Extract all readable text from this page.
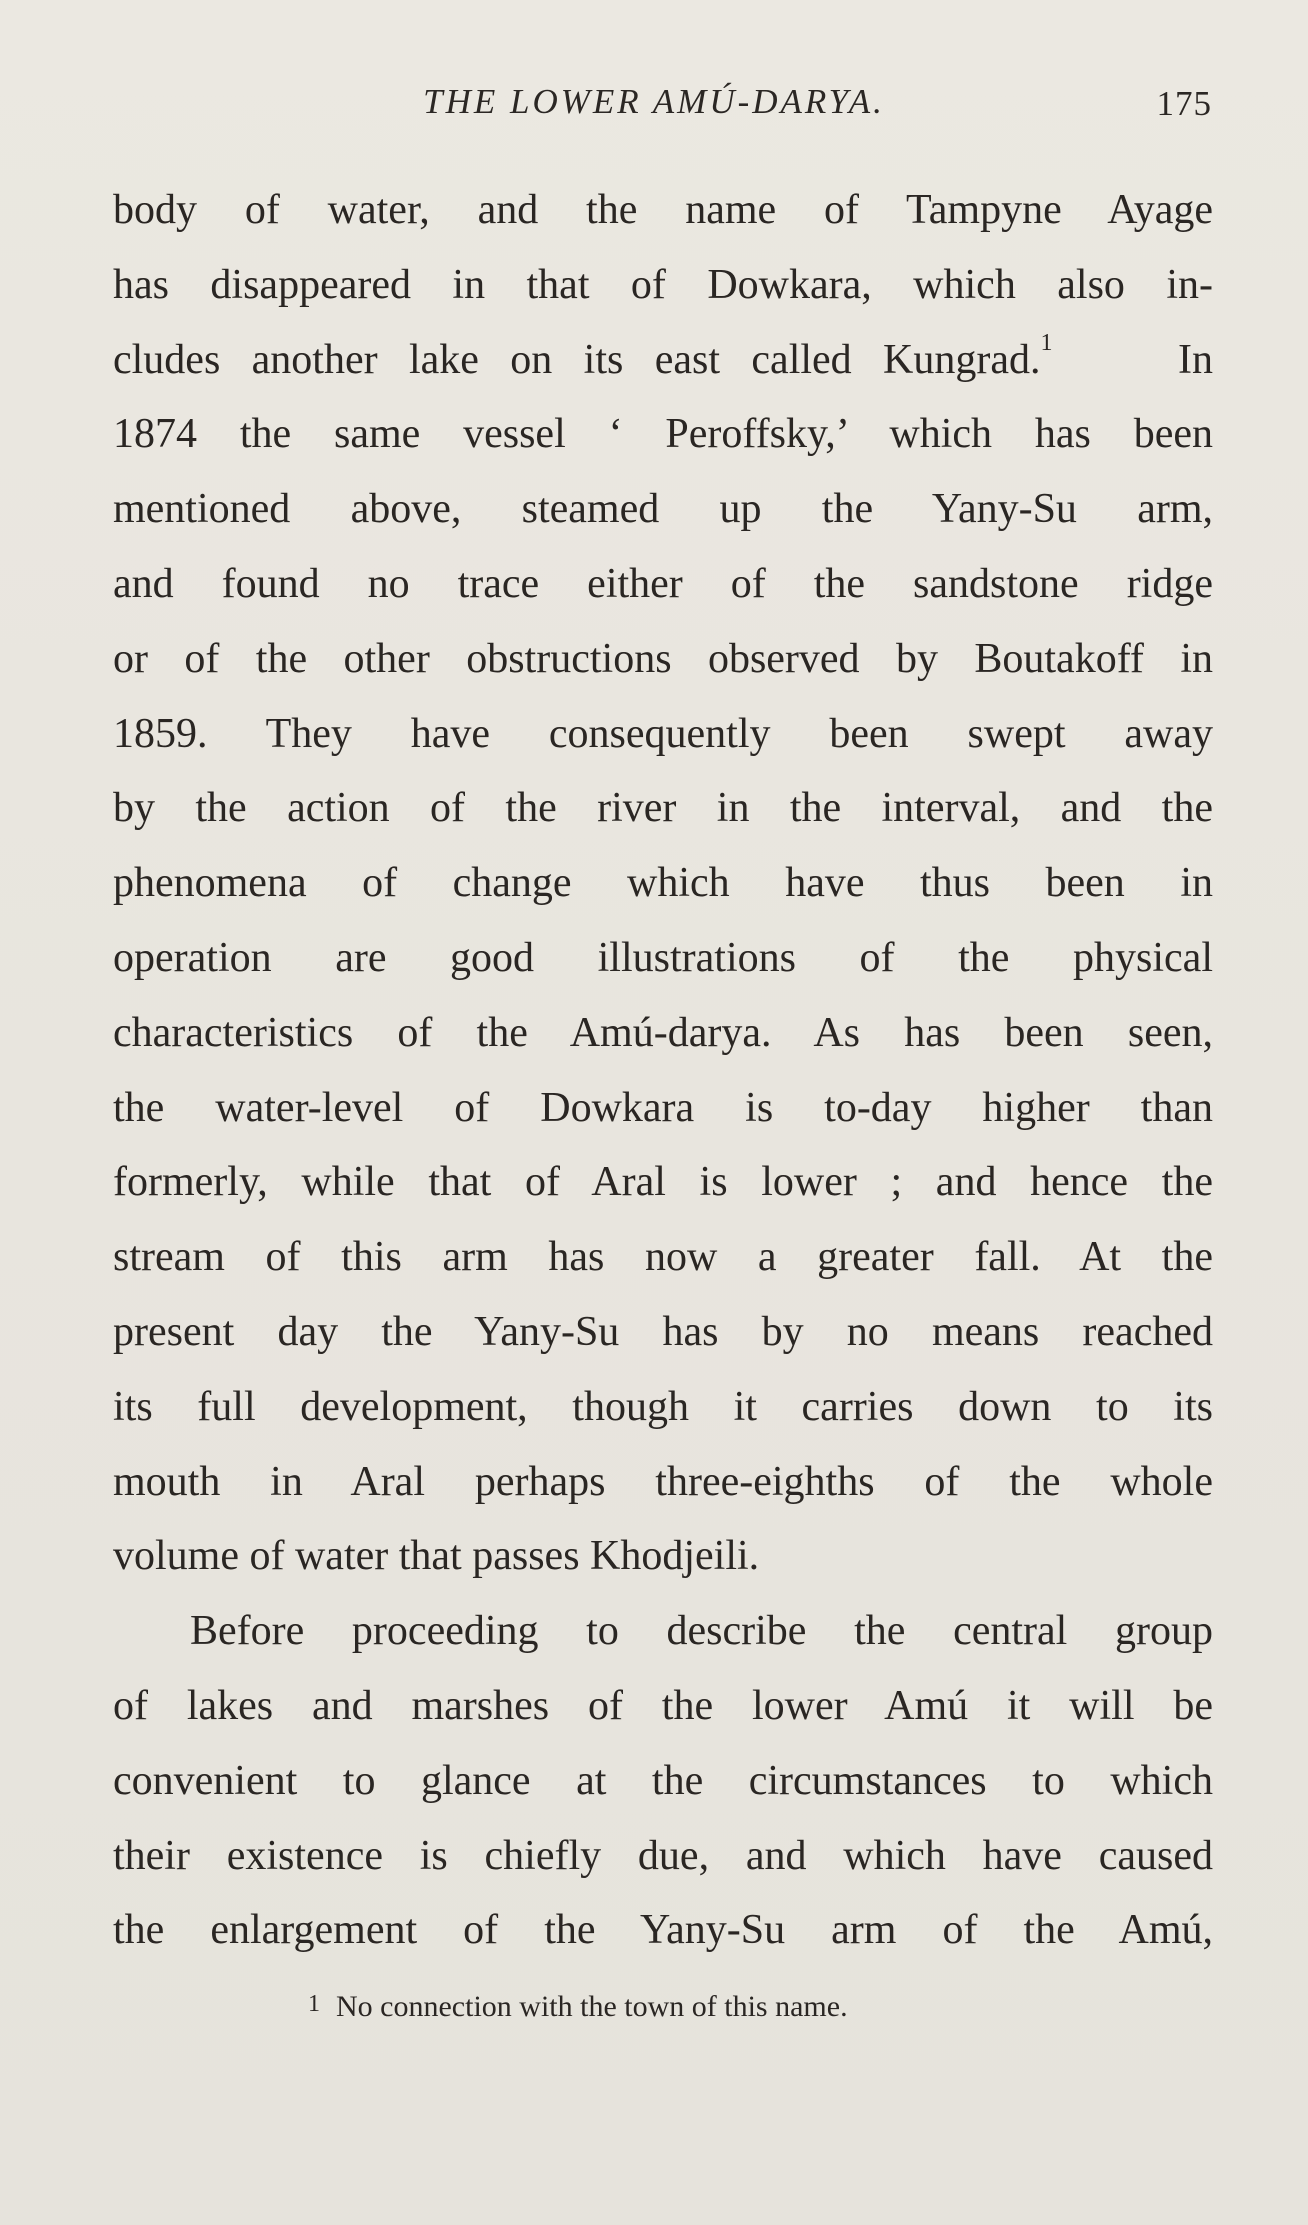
THE LOWER AMÚ-DARYA.	175
body of water, and the name of Tampyne Ayage
has disappeared in that of Dowkara, which also in-
cludes another lake on its east called Kungrad.$^1$	In
1874 the same vessel ‘ Peroffsky,’ which has been
mentioned above, steamed up the Yany-Su arm,
and found no trace either of the sandstone ridge
or of the other obstructions observed by Boutakoff in
1859. They have consequently been swept away
by the action of the river in the interval, and the
phenomena of change which have thus been in
operation are good illustrations of the physical
characteristics of the Amú-darya. As has been seen,
the water-level of Dowkara is to-day higher than
formerly, while that of Aral is lower ; and hence the
stream of this arm has now a greater fall. At the
present day the Yany-Su has by no means reached
its full development, though it carries down to its
mouth in Aral perhaps three-eighths of the whole
volume of water that passes Khodjeili.
Before proceeding to describe the central group
of lakes and marshes of the lower Amú it will be
convenient to glance at the circumstances to which
their existence is chiefly due, and which have caused
the enlargement of the Yany-Su arm of the Amú,
$^1$ No connection with the town of this name.
